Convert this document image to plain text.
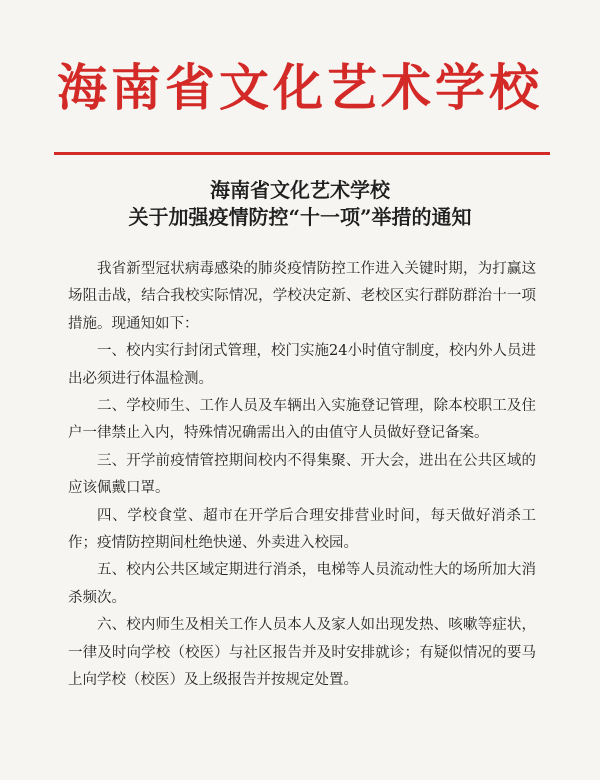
海南省文化艺术学校
海南省文化艺术学校
关于加强疫情防控“十一项”举措的通知

我省新型冠状病毒感染的肺炎疫情防控工作进入关键时期，为打赢这场阻击战，结合我校实际情况，学校决定新、老校区实行群防群治十一项措施。现通知如下：

一、校内实行封闭式管理，校门实施24小时值守制度，校内外人员进出必须进行体温检测。

二、学校师生、工作人员及车辆出入实施登记管理，除本校职工及住户一律禁止入内，特殊情况确需出入的由值守人员做好登记备案。

三、开学前疫情管控期间校内不得集聚、开大会，进出在公共区域的应该佩戴口罩。

四、学校食堂、超市在开学后合理安排营业时间，每天做好消杀工作；疫情防控期间杜绝快递、外卖进入校园。

五、校内公共区域定期进行消杀，电梯等人员流动性大的场所加大消杀频次。

六、校内师生及相关工作人员本人及家人如出现发热、咳嗽等症状，一律及时向学校（校医）与社区报告并及时安排就诊；有疑似情况的要马上向学校（校医）及上级报告并按规定处置。
